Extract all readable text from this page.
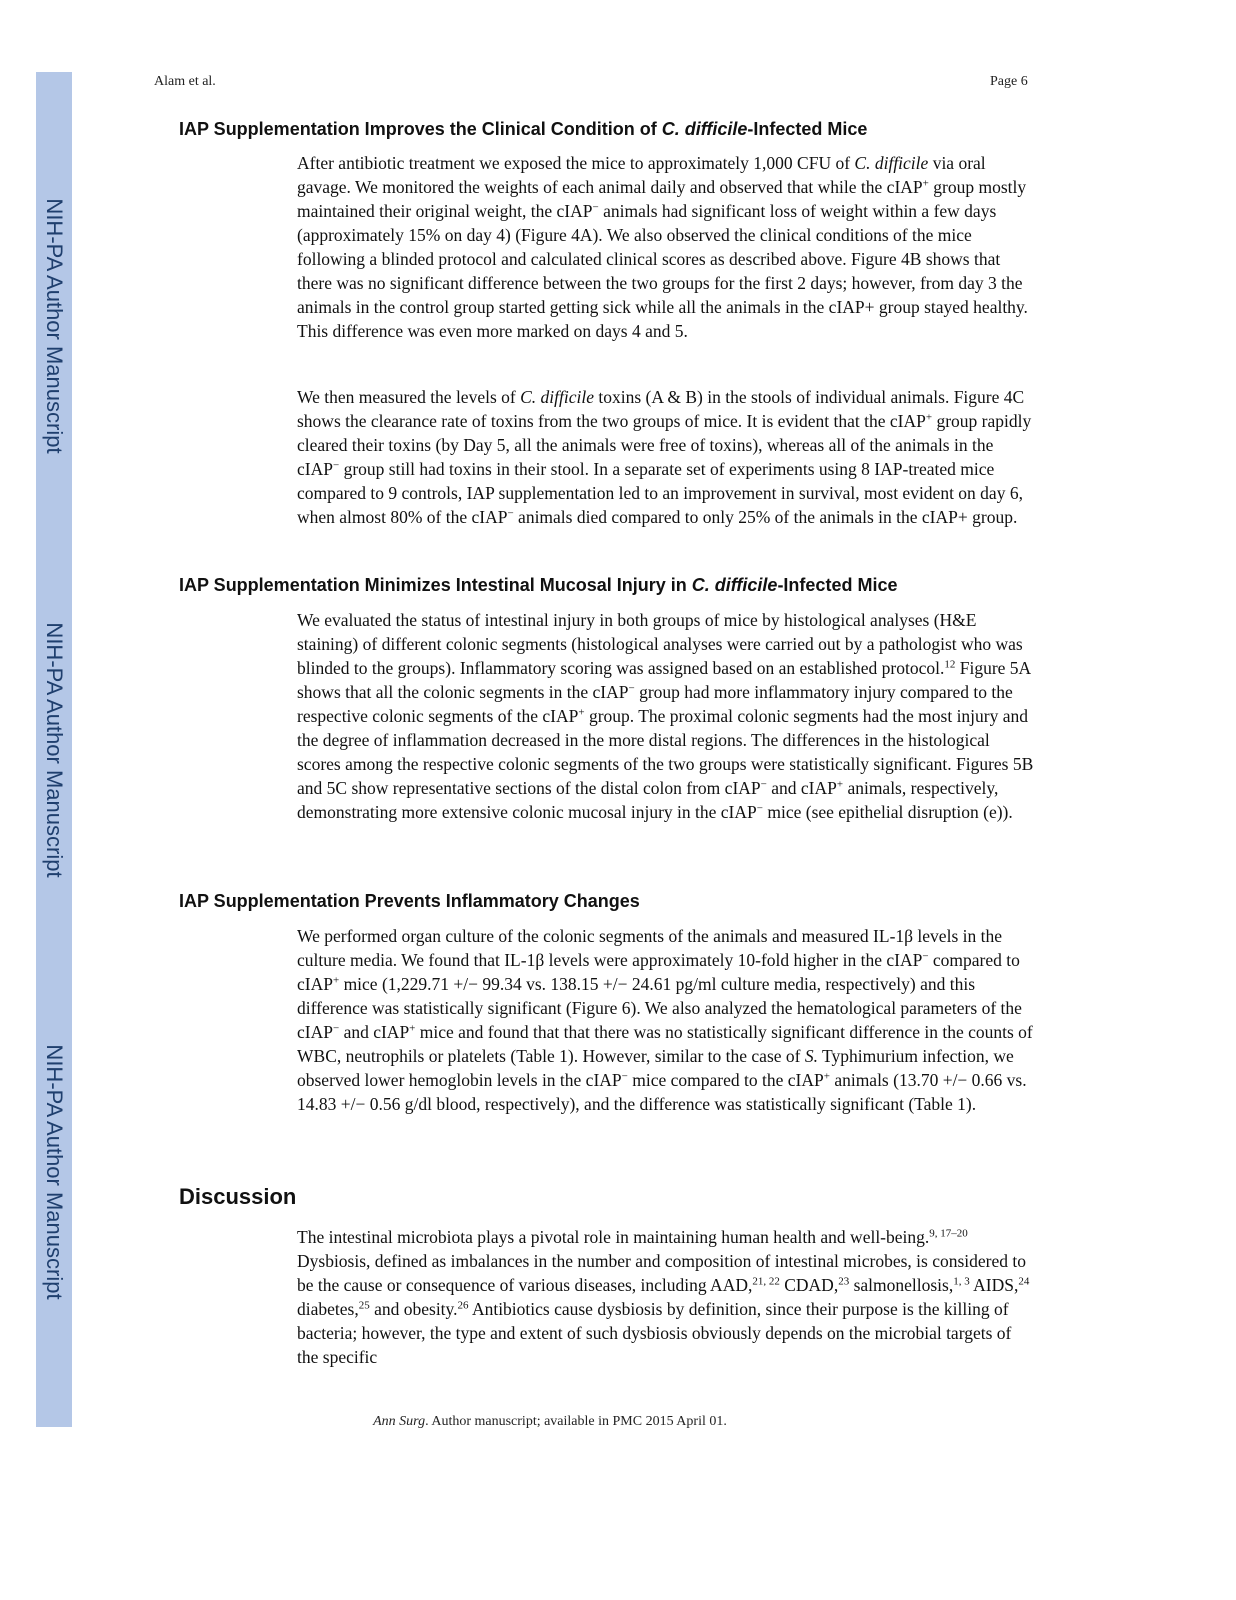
NIH-PA Author Manuscript
NIH-PA Author Manuscript
NIH-PA Author Manuscript
Alam et al.	Page 6
IAP Supplementation Improves the Clinical Condition of C. difficile-Infected Mice

After antibiotic treatment we exposed the mice to approximately 1,000 CFU of C. difficile via oral gavage. We monitored the weights of each animal daily and observed that while the cIAP+ group mostly maintained their original weight, the cIAP− animals had significant loss of weight within a few days (approximately 15% on day 4) (Figure 4A). We also observed the clinical conditions of the mice following a blinded protocol and calculated clinical scores as described above. Figure 4B shows that there was no significant difference between the two groups for the first 2 days; however, from day 3 the animals in the control group started getting sick while all the animals in the cIAP+ group stayed healthy. This difference was even more marked on days 4 and 5.

We then measured the levels of C. difficile toxins (A & B) in the stools of individual animals. Figure 4C shows the clearance rate of toxins from the two groups of mice. It is evident that the cIAP+ group rapidly cleared their toxins (by Day 5, all the animals were free of toxins), whereas all of the animals in the cIAP− group still had toxins in their stool. In a separate set of experiments using 8 IAP-treated mice compared to 9 controls, IAP supplementation led to an improvement in survival, most evident on day 6, when almost 80% of the cIAP− animals died compared to only 25% of the animals in the cIAP+ group.

IAP Supplementation Minimizes Intestinal Mucosal Injury in C. difficile-Infected Mice

We evaluated the status of intestinal injury in both groups of mice by histological analyses (H&E staining) of different colonic segments (histological analyses were carried out by a pathologist who was blinded to the groups). Inflammatory scoring was assigned based on an established protocol.$^{12}$ Figure 5A shows that all the colonic segments in the cIAP− group had more inflammatory injury compared to the respective colonic segments of the cIAP+ group. The proximal colonic segments had the most injury and the degree of inflammation decreased in the more distal regions. The differences in the histological scores among the respective colonic segments of the two groups were statistically significant. Figures 5B and 5C show representative sections of the distal colon from cIAP− and cIAP+ animals, respectively, demonstrating more extensive colonic mucosal injury in the cIAP− mice (see epithelial disruption (e)).

IAP Supplementation Prevents Inflammatory Changes

We performed organ culture of the colonic segments of the animals and measured IL-1β levels in the culture media. We found that IL-1β levels were approximately 10-fold higher in the cIAP− compared to cIAP+ mice (1,229.71 +/− 99.34 vs. 138.15 +/− 24.61 pg/ml culture media, respectively) and this difference was statistically significant (Figure 6). We also analyzed the hematological parameters of the cIAP− and cIAP+ mice and found that that there was no statistically significant difference in the counts of WBC, neutrophils or platelets (Table 1). However, similar to the case of S. Typhimurium infection, we observed lower hemoglobin levels in the cIAP− mice compared to the cIAP+ animals (13.70 +/− 0.66 vs. 14.83 +/− 0.56 g/dl blood, respectively), and the difference was statistically significant (Table 1).

Discussion

The intestinal microbiota plays a pivotal role in maintaining human health and well-being.$^{9, 17-20}$ Dysbiosis, defined as imbalances in the number and composition of intestinal microbes, is considered to be the cause or consequence of various diseases, including AAD,$^{21, 22}$ CDAD,$^{23}$ salmonellosis,$^{1, 3}$ AIDS,$^{24}$ diabetes,$^{25}$ and obesity.$^{26}$ Antibiotics cause dysbiosis by definition, since their purpose is the killing of bacteria; however, the type and extent of such dysbiosis obviously depends on the microbial targets of the specific

Ann Surg. Author manuscript; available in PMC 2015 April 01.
